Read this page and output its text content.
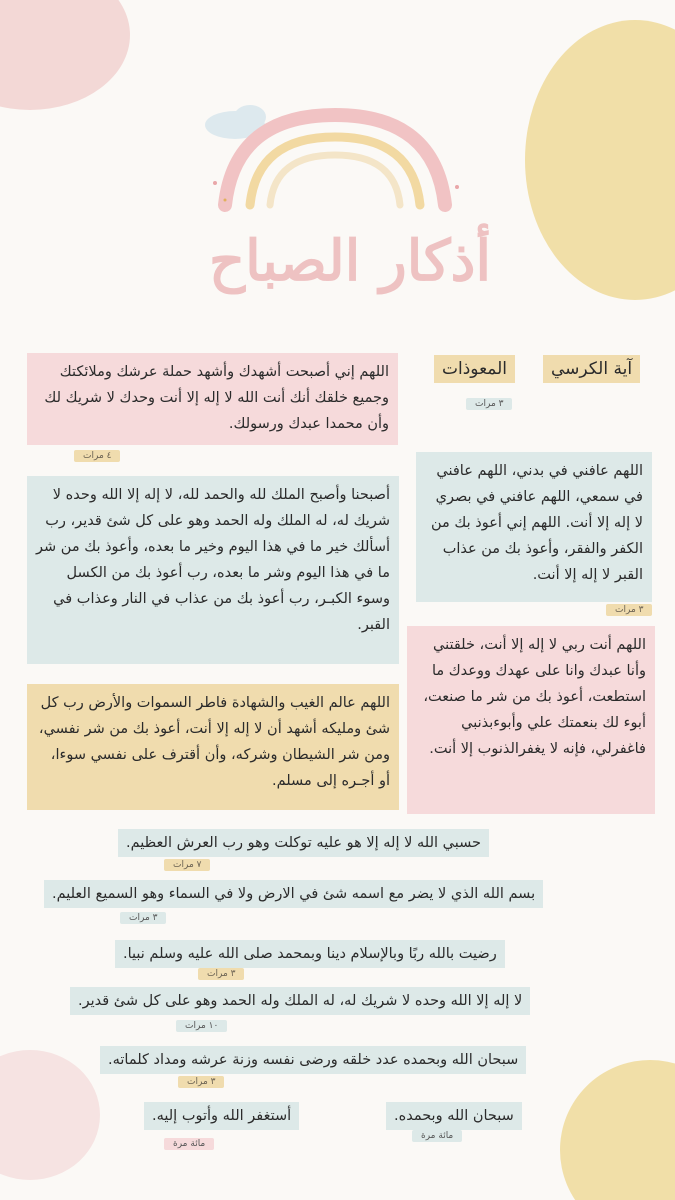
أذكار الصباح
آية الكرسي
المعوذات
٣ مرات
اللهم إني أصبحت أشهدك وأشهد حملة عرشك وملائكتك وجميع خلقك أنك أنت الله لا إله إلا أنت وحدك لا شريك لك وأن محمدا عبدك ورسولك.
٤ مرات
اللهم عافني في بدني، اللهم عافني في سمعي، اللهم عافني في بصري لا إله إلا أنت. اللهم إني أعوذ بك من الكفر والفقر، وأعوذ بك من عذاب القبر لا إله إلا أنت.
٣ مرات
أصبحنا وأصبح الملك لله والحمد لله، لا إله إلا الله وحده لا شريك له، له الملك وله الحمد وهو على كل شئ قدير، رب أسألك خير ما في هذا اليوم وخير ما بعده، وأعوذ بك من شر ما في هذا اليوم وشر ما بعده، رب أعوذ بك من الكسل وسوء الكبـر، رب أعوذ بك من عذاب في النار وعذاب في القبر.
اللهم أنت ربي لا إله إلا أنت، خلقتني وأنا عبدك وانا على عهدك ووعدك ما استطعت، أعوذ بك من شر ما صنعت، أبوء لك بنعمتك علي وأبوءبذنبي فاغفرلي، فإنه لا يغفرالذنوب إلا أنت.
اللهم عالم الغيب والشهادة فاطر السموات والأرض رب كل شئ ومليكه أشهد أن لا إله إلا أنت، أعوذ بك من شر نفسي، ومن شر الشيطان وشركه، وأن أقترف على نفسي سوءا، أو أجـره إلى مسلم.
حسبي الله لا إله إلا هو عليه توكلت وهو رب العرش العظيم.
٧ مرات
بسم الله الذي لا يضر مع اسمه شئ في الارض ولا في السماء وهو السميع العليم.
٣ مرات
رضيت بالله ربًا وبالإسلام دينا وبمحمد صلى الله عليه وسلم نبيا.
٣ مرات
لا إله إلا الله وحده لا شريك له، له الملك وله الحمد وهو على كل شئ قدير.
١٠ مرات
سبحان الله وبحمده عدد خلقه ورضى نفسه وزنة عرشه ومداد كلماته.
٣ مرات
سبحان الله وبحمده.
مائة مرة
أستغفر الله وأتوب إليه.
مائة مرة
